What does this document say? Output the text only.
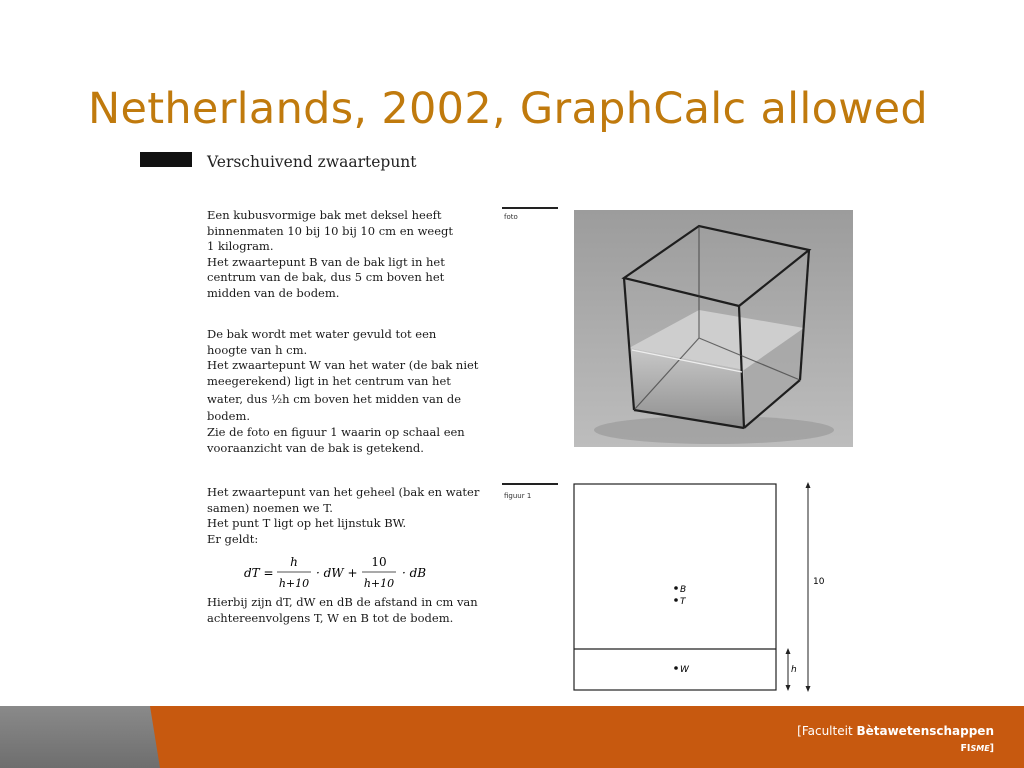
Netherlands, 2002, GraphCalc allowed
Verschuivend zwaartepunt

Een kubusvormige bak met deksel heeft
binnenmaten 10 bij 10 bij 10 cm en weegt
1 kilogram.
Het zwaartepunt B van de bak ligt in het
centrum van de bak, dus 5 cm boven het
midden van de bodem.

De bak wordt met water gevuld tot een
hoogte van h cm.
Het zwaartepunt W van het water (de bak niet
meegerekend) ligt in het centrum van het
water, dus ½h cm boven het midden van de
bodem.
Zie de foto en figuur 1 waarin op schaal een
vooraanzicht van de bak is getekend.

Het zwaartepunt van het geheel (bak en water
samen) noemen we T.
Het punt T ligt op het lijnstuk BW.
Er geldt:

dT =
h
h+10
· dW +
10
h+10
· dB

Hierbij zijn dT, dW en dB de afstand in cm van
achtereenvolgens T, W en B tot de bodem.

foto
figuur 1
B
T
W
10
h
[Faculteit Bètawetenschappen
FISME]
